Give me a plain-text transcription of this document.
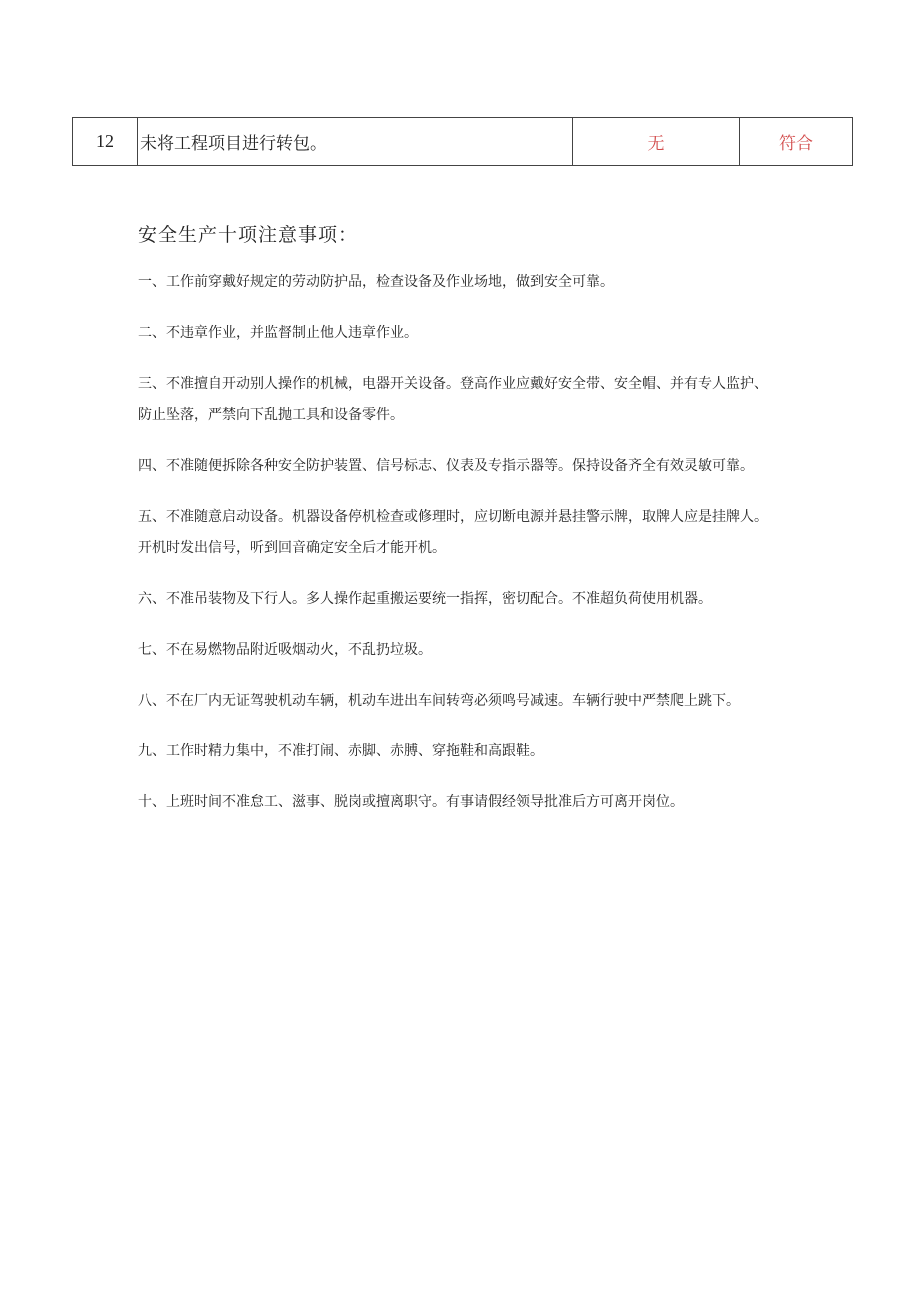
12	未将工程项目进行转包。	无	符合
安全生产十项注意事项：
一、工作前穿戴好规定的劳动防护品，检查设备及作业场地，做到安全可靠。
二、不违章作业，并监督制止他人违章作业。
三、不准擅自开动别人操作的机械，电器开关设备。登高作业应戴好安全带、安全帽、并有专人监护、
防止坠落，严禁向下乱抛工具和设备零件。
四、不准随便拆除各种安全防护装置、信号标志、仪表及专指示器等。保持设备齐全有效灵敏可靠。
五、不准随意启动设备。机器设备停机检查或修理时，应切断电源并悬挂警示牌，取牌人应是挂牌人。
开机时发出信号，听到回音确定安全后才能开机。
六、不准吊装物及下行人。多人操作起重搬运要统一指挥，密切配合。不准超负荷使用机器。
七、不在易燃物品附近吸烟动火，不乱扔垃圾。
八、不在厂内无证驾驶机动车辆，机动车进出车间转弯必须鸣号减速。车辆行驶中严禁爬上跳下。
九、工作时精力集中，不准打闹、赤脚、赤膊、穿拖鞋和高跟鞋。
十、上班时间不准怠工、滋事、脱岗或擅离职守。有事请假经领导批准后方可离开岗位。
